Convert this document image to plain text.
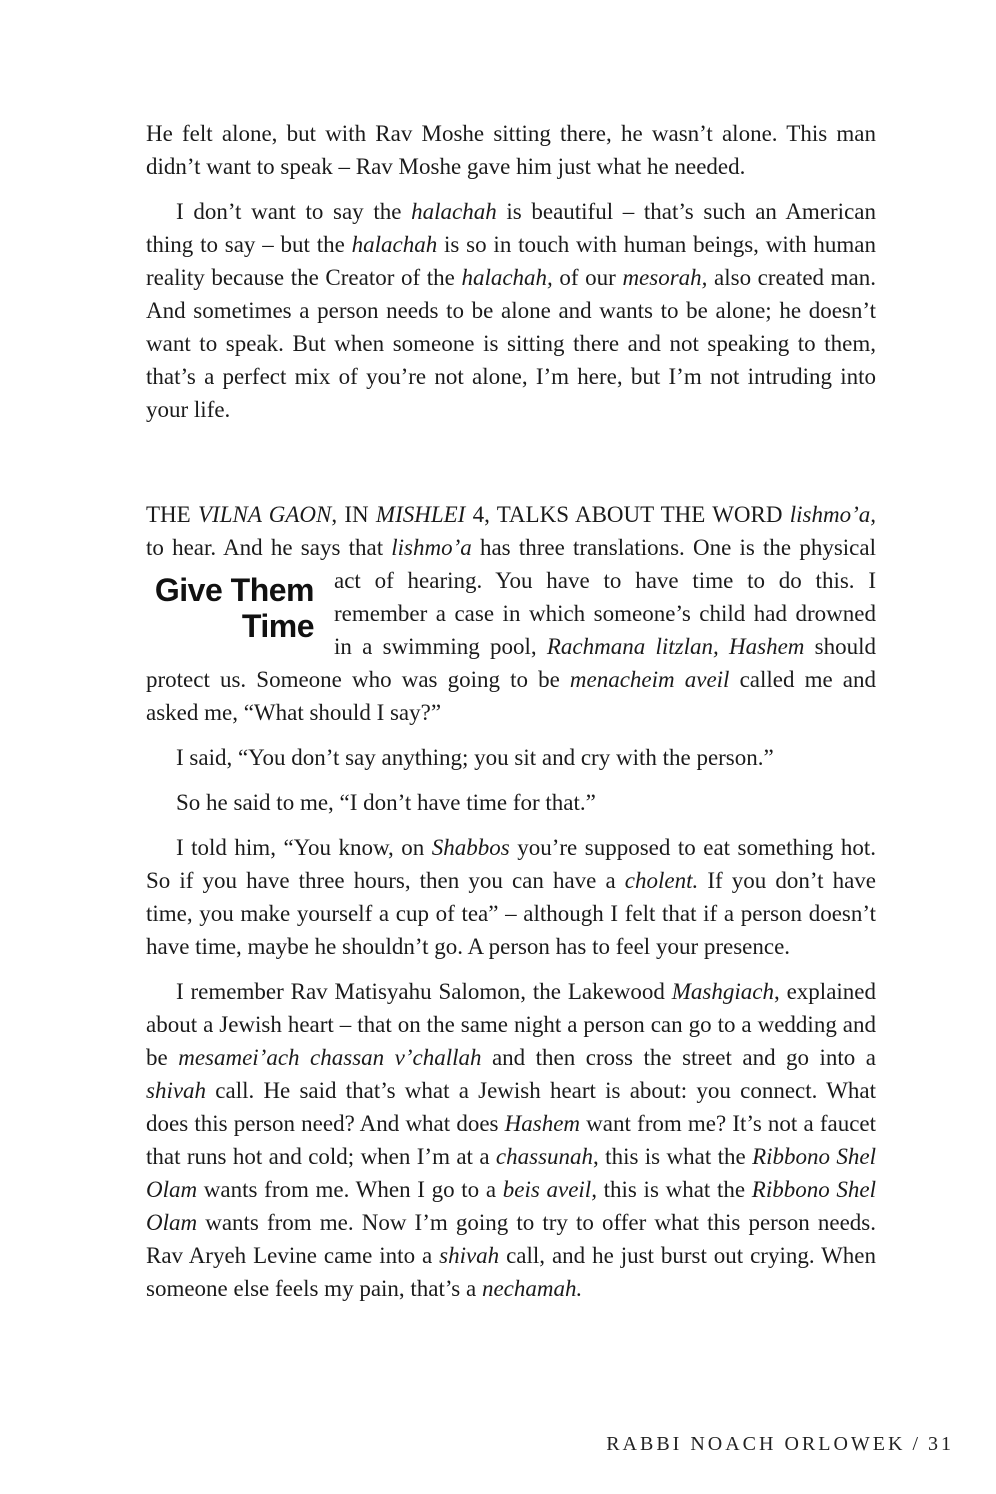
He felt alone, but with Rav Moshe sitting there, he wasn’t alone. This man didn’t want to speak – Rav Moshe gave him just what he needed.
I don’t want to say the halachah is beautiful – that’s such an American thing to say – but the halachah is so in touch with human beings, with human reality because the Creator of the halachah, of our mesorah, also created man. And sometimes a person needs to be alone and wants to be alone; he doesn’t want to speak. But when someone is sitting there and not speaking to them, that’s a perfect mix of you’re not alone, I’m here, but I’m not intruding into your life.
THE VILNA GAON, IN MISHLEI 4, TALKS ABOUT THE WORD lishmo’a, to hear. And he says that lishmo’a has three translations. One
Give Them
Time
is the physical act of hearing. You have to have time to do this. I remember a case in which someone’s child had drowned in a swimming pool, Rachmana litzlan, Hashem should protect us. Someone who was going to be menacheim aveil called me and asked me, “What should I say?”
I said, “You don’t say anything; you sit and cry with the person.”
So he said to me, “I don’t have time for that.”
I told him, “You know, on Shabbos you’re supposed to eat something hot. So if you have three hours, then you can have a cholent. If you don’t have time, you make yourself a cup of tea” – although I felt that if a person doesn’t have time, maybe he shouldn’t go. A person has to feel your presence.
I remember Rav Matisyahu Salomon, the Lakewood Mashgiach, explained about a Jewish heart – that on the same night a person can go to a wedding and be mesamei’ach chassan v’challah and then cross the street and go into a shivah call. He said that’s what a Jewish heart is about: you connect. What does this person need? And what does Hashem want from me? It’s not a faucet that runs hot and cold; when I’m at a chassunah, this is what the Ribbono Shel Olam wants from me. When I go to a beis aveil, this is what the Ribbono Shel Olam wants from me. Now I’m going to try to offer what this person needs. Rav Aryeh Levine came into a shivah call, and he just burst out crying. When someone else feels my pain, that’s a nechamah.
RABBI NOACH ORLOWEK / 31
